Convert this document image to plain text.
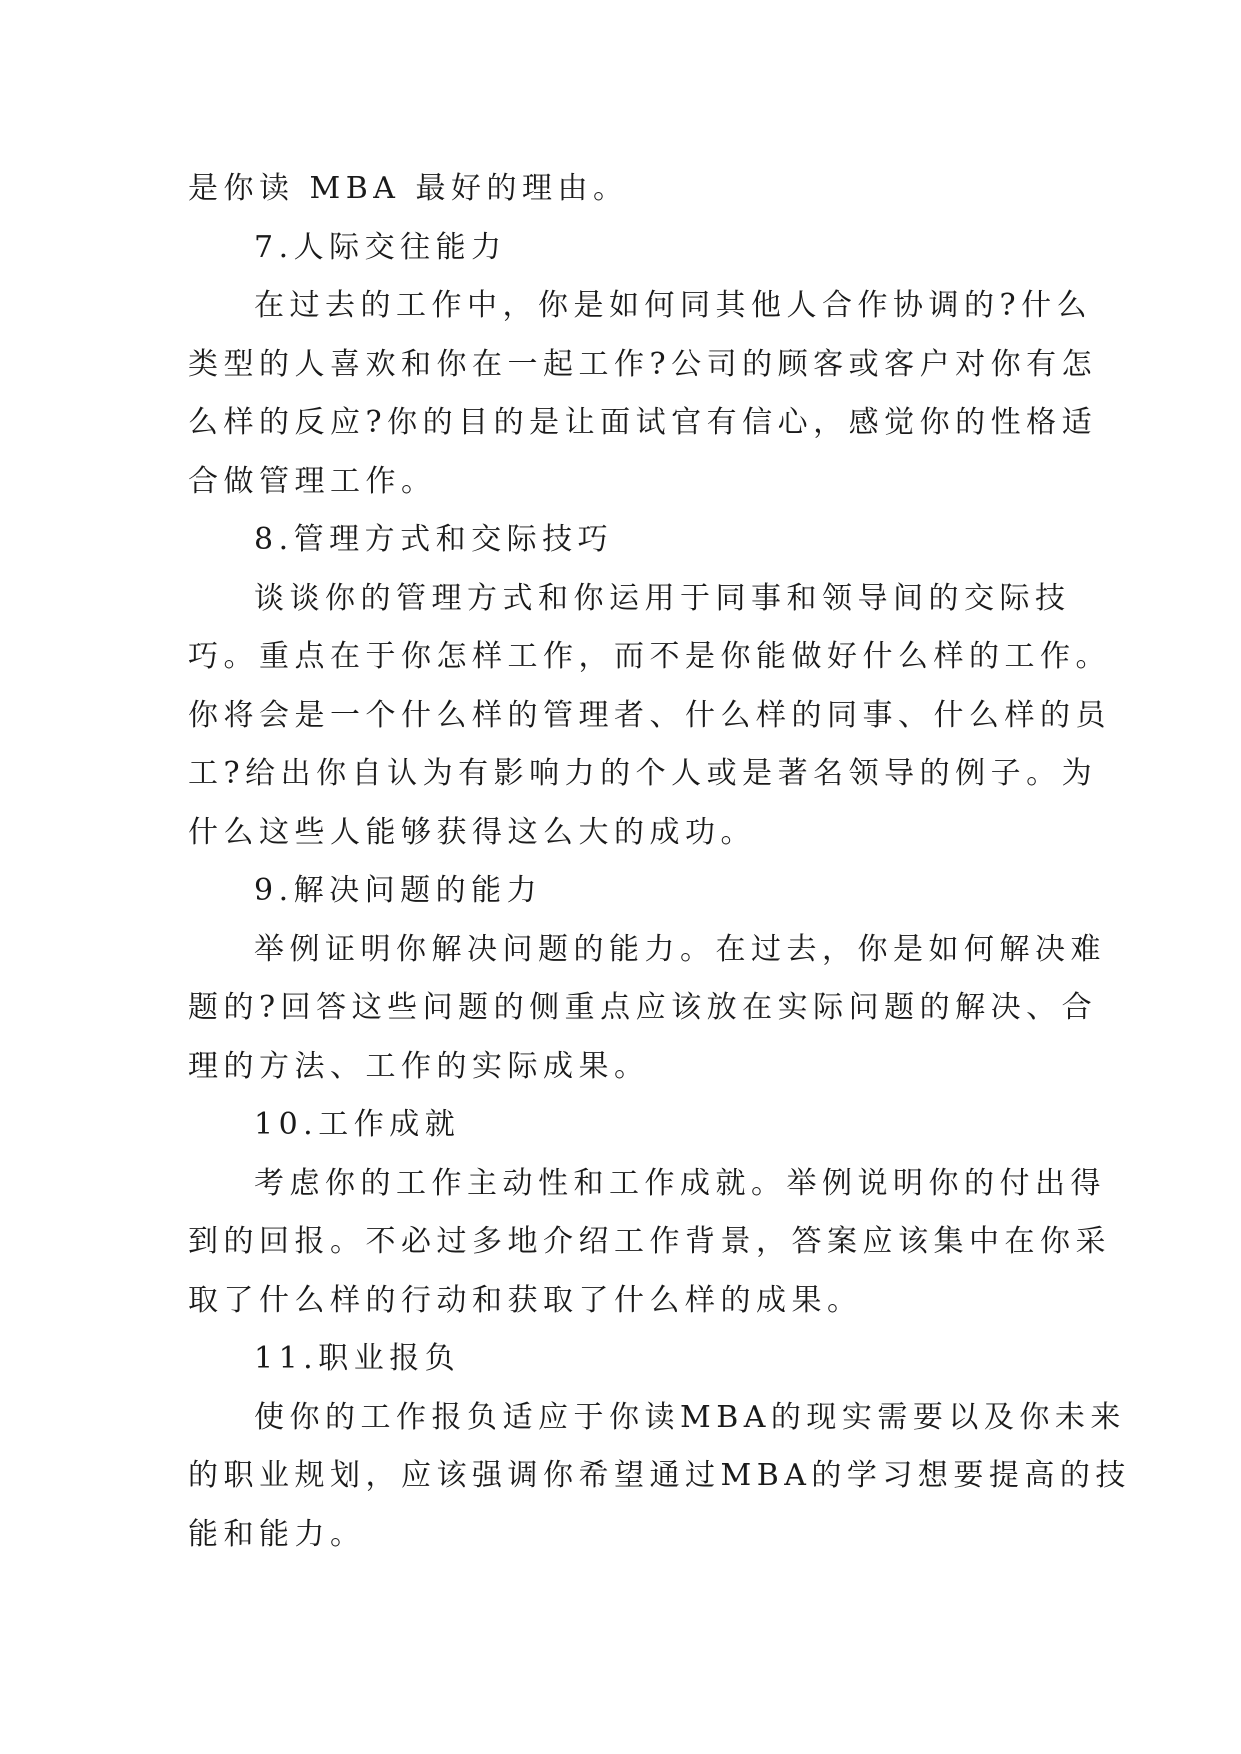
是你读 MBA 最好的理由。
7.人际交往能力
在过去的工作中，你是如何同其他人合作协调的?什么
类型的人喜欢和你在一起工作?公司的顾客或客户对你有怎
么样的反应?你的目的是让面试官有信心，感觉你的性格适
合做管理工作。
8.管理方式和交际技巧
谈谈你的管理方式和你运用于同事和领导间的交际技
巧。重点在于你怎样工作，而不是你能做好什么样的工作。
你将会是一个什么样的管理者、什么样的同事、什么样的员
工?给出你自认为有影响力的个人或是著名领导的例子。为
什么这些人能够获得这么大的成功。
9.解决问题的能力
举例证明你解决问题的能力。在过去，你是如何解决难
题的?回答这些问题的侧重点应该放在实际问题的解决、合
理的方法、工作的实际成果。
10.工作成就
考虑你的工作主动性和工作成就。举例说明你的付出得
到的回报。不必过多地介绍工作背景，答案应该集中在你采
取了什么样的行动和获取了什么样的成果。
11.职业报负
使你的工作报负适应于你读MBA的现实需要以及你未来
的职业规划，应该强调你希望通过MBA的学习想要提高的技
能和能力。
